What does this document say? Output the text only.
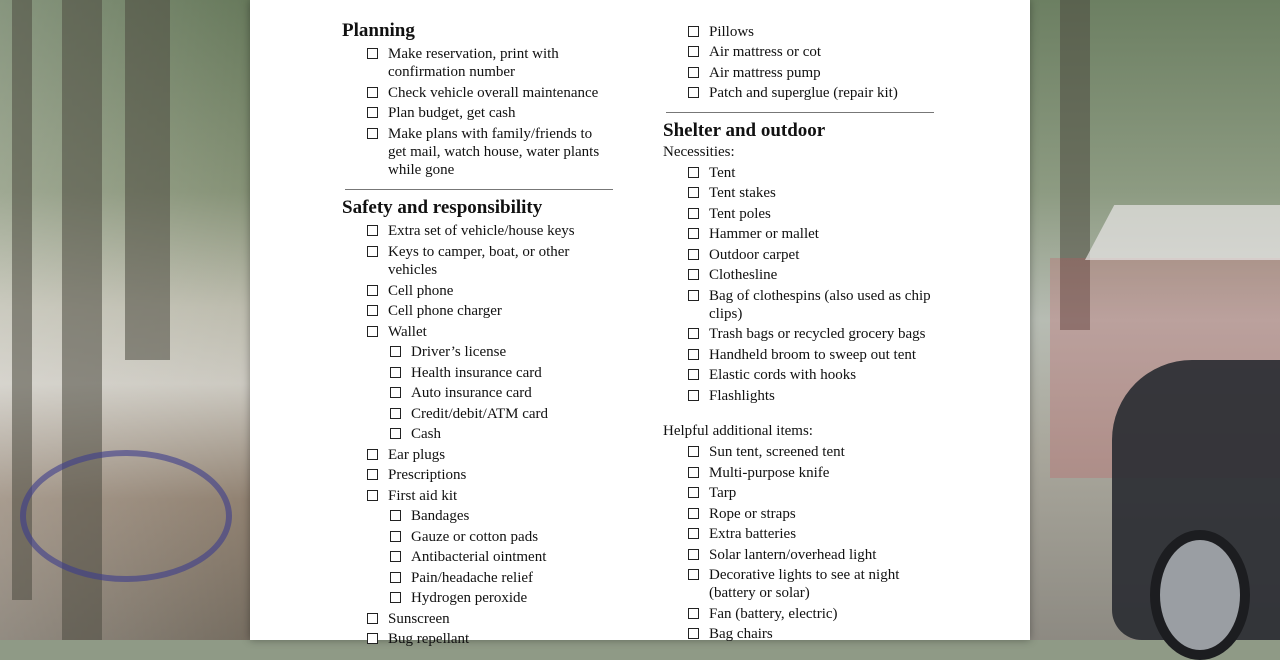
Planning
Make reservation, print with confirmation number
Check vehicle overall maintenance
Plan budget, get cash
Make plans with family/friends to get mail, watch house, water plants while gone
Safety and responsibility
Extra set of vehicle/house keys
Keys to camper, boat, or other vehicles
Cell phone
Cell phone charger
Wallet
Driver’s license
Health insurance card
Auto insurance card
Credit/debit/ATM card
Cash
Ear plugs
Prescriptions
First aid kit
Bandages
Gauze or cotton pads
Antibacterial ointment
Pain/headache relief
Hydrogen peroxide
Sunscreen
Bug repellant
Pillows
Air mattress or cot
Air mattress pump
Patch and superglue (repair kit)
Shelter and outdoor
Necessities:
Tent
Tent stakes
Tent poles
Hammer or mallet
Outdoor carpet
Clothesline
Bag of clothespins (also used as chip clips)
Trash bags or recycled grocery bags
Handheld broom to sweep out tent
Elastic cords with hooks
Flashlights
Helpful additional items:
Sun tent, screened tent
Multi-purpose knife
Tarp
Rope or straps
Extra batteries
Solar lantern/overhead light
Decorative lights to see at night (battery or solar)
Fan (battery, electric)
Bag chairs
